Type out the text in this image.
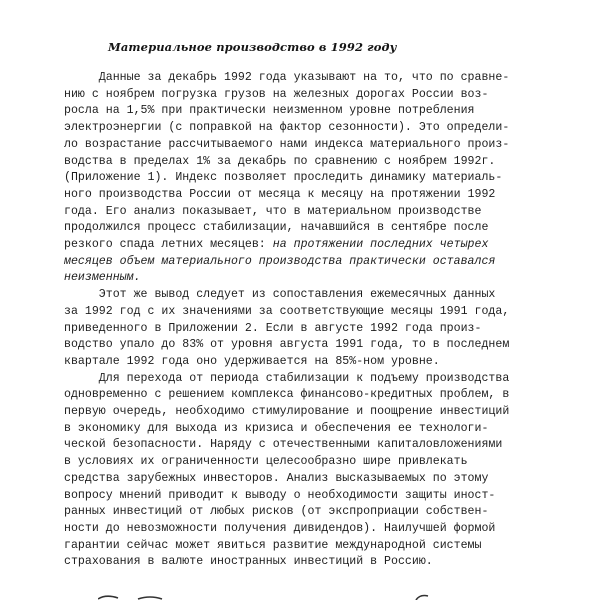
Материальное производство в 1992 году
Данные за декабрь 1992 года указывают на то, что по сравне-
нию с ноябрем погрузка грузов на железных дорогах России воз-
росла на 1,5% при практически неизменном уровне потребления
электроэнергии (с поправкой на фактор сезонности). Это определи-
ло возрастание рассчитываемого нами индекса материального произ-
водства в пределах 1% за декабрь по сравнению с ноябрем 1992г.
(Приложение 1). Индекс позволяет проследить динамику материаль-
ного производства России от месяца к месяцу на протяжении 1992
года. Его анализ показывает, что в материальном производстве
продолжился процесс стабилизации, начавшийся в сентябре после
резкого спада летних месяцев: на протяжении последних четырех
месяцев объем материального производства практически оставался
неизменным.
Этот же вывод следует из сопоставления ежемесячных данных
за 1992 год с их значениями за соответствующие месяцы 1991 года,
приведенного в Приложении 2. Если в августе 1992 года произ-
водство упало до 83% от уровня августа 1991 года, то в последнем
квартале 1992 года оно удерживается на 85%-ном уровне.
Для перехода от периода стабилизации к подъему производства
одновременно с решением комплекса финансово-кредитных проблем, в
первую очередь, необходимо стимулирование и поощрение инвестиций
в экономику для выхода из кризиса и обеспечения ее технологи-
ческой безопасности. Наряду с отечественными капиталовложениями
в условиях их ограниченности целесообразно шире привлекать
средства зарубежных инвесторов. Анализ высказываемых по этому
вопросу мнений приводит к выводу о необходимости защиты иност-
ранных инвестиций от любых рисков (от экспроприации собствен-
ности до невозможности получения дивидендов). Наилучшей формой
гарантии сейчас может явиться развитие международной системы
страхования в валюте иностранных инвестиций в Россию.
